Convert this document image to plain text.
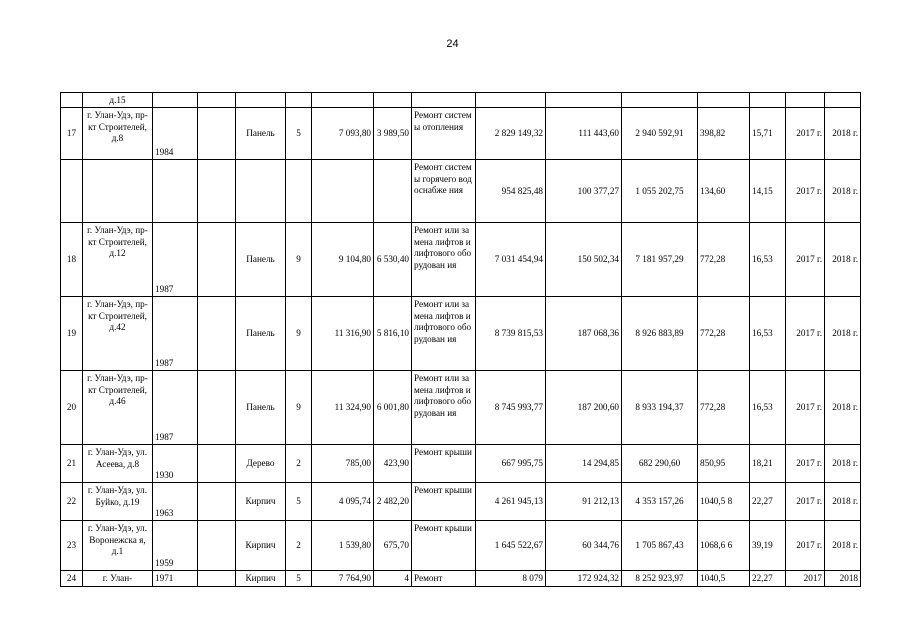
24
	д.15														
17	г. Улан-Удэ, пр-кт Строителей, д.8	1984		Панель	5	7 093,80	3 989,50	Ремонт системы отопления	2 829 149,32	111 443,60	2 940 592,91	398,82	15,71	2017 г.	2018 г.
								Ремонт системы горячего водоснабже ния	954 825,48	100 377,27	1 055 202,75	134,60	14,15	2017 г.	2018 г.
18	г. Улан-Удэ, пр-кт Строителей, д.12	1987		Панель	9	9 104,80	6 530,40	Ремонт или замена лифтов и лифтового оборудован ия	7 031 454,94	150 502,34	7 181 957,29	772,28	16,53	2017 г.	2018 г.
19	г. Улан-Удэ, пр-кт Строителей, д.42	1987		Панель	9	11 316,90	5 816,10	Ремонт или замена лифтов и лифтового оборудован ия	8 739 815,53	187 068,36	8 926 883,89	772,28	16,53	2017 г.	2018 г.
20	г. Улан-Удэ, пр-кт Строителей, д.46	1987		Панель	9	11 324,90	6 001,80	Ремонт или замена лифтов и лифтового оборудован ия	8 745 993,77	187 200,60	8 933 194,37	772,28	16,53	2017 г.	2018 г.
21	г. Улан-Удэ, ул. Асеева, д.8	1930		Дерево	2	785,00	423,90	Ремонт крыши	667 995,75	14 294,85	682 290,60	850,95	18,21	2017 г.	2018 г.
22	г. Улан-Удэ, ул. Буйко, д.19	1963		Кирпич	5	4 095,74	2 482,20	Ремонт крыши	4 261 945,13	91 212,13	4 353 157,26	1040,5 8	22,27	2017 г.	2018 г.
23	г. Улан-Удэ, ул. Воронежска я, д.1	1959		Кирпич	2	1 539,80	675,70	Ремонт крыши	1 645 522,67	60 344,76	1 705 867,43	1068,6 6	39,19	2017 г.	2018 г.
24	г. Улан-	1971		Кирпич	5	7 764,90	4	Ремонт	8 079	172 924,32	8 252 923,97	1040,5	22,27	2017	2018
